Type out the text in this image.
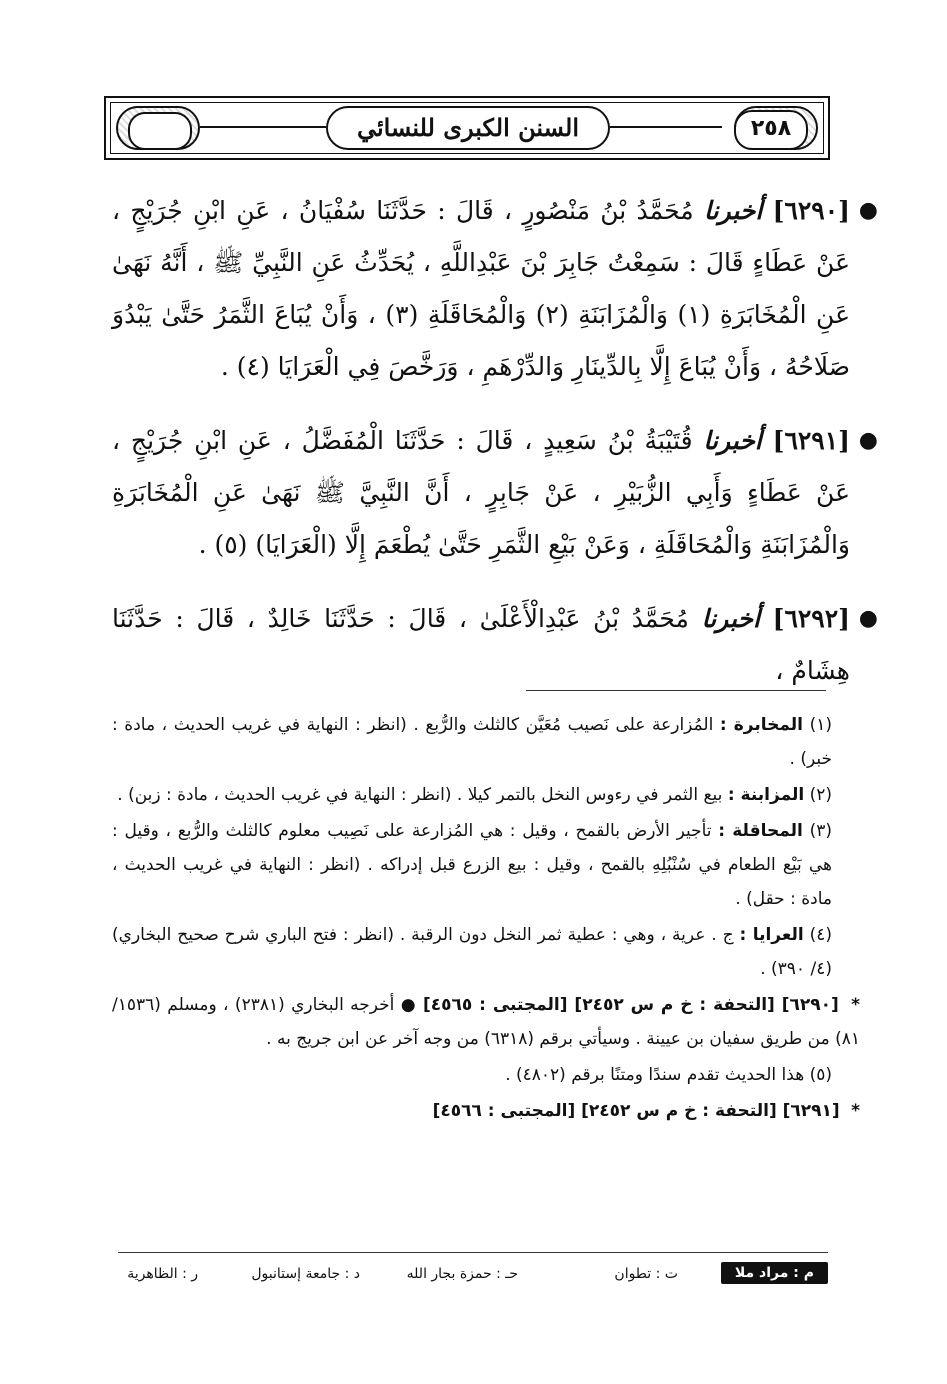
السنن الكبرى للنسائي	٢٥٨
●
[٦٢٩٠] أخبرنا مُحَمَّدُ بْنُ مَنْصُورٍ ، قَالَ : حَدَّثَنَا سُفْيَانُ ، عَنِ ابْنِ جُرَيْجٍ ، عَنْ عَطَاءٍ قَالَ : سَمِعْتُ جَابِرَ بْنَ عَبْدِاللَّهِ ، يُحَدِّثُ عَنِ النَّبِيِّ ﷺ ، أَنَّهُ نَهَىٰ عَنِ الْمُخَابَرَةِ (١) وَالْمُزَابَنَةِ (٢) وَالْمُحَاقَلَةِ (٣) ، وَأَنْ يُبَاعَ الثَّمَرُ حَتَّىٰ يَبْدُوَ صَلَاحُهُ ، وَأَنْ يُبَاعَ إِلَّا بِالدِّينَارِ وَالدِّرْهَمِ ، وَرَخَّصَ فِي الْعَرَايَا (٤) .
●
[٦٢٩١] أخبرنا قُتَيْبَةُ بْنُ سَعِيدٍ ، قَالَ : حَدَّثَنَا الْمُفَضَّلُ ، عَنِ ابْنِ جُرَيْجٍ ، عَنْ عَطَاءٍ وَأَبِي الزُّبَيْرِ ، عَنْ جَابِرٍ ، أَنَّ النَّبِيَّ ﷺ نَهَىٰ عَنِ الْمُخَابَرَةِ وَالْمُزَابَنَةِ وَالْمُحَاقَلَةِ ، وَعَنْ بَيْعِ الثَّمَرِ حَتَّىٰ يُطْعَمَ إِلَّا (الْعَرَايَا) (٥) .
●
[٦٢٩٢] أخبرنا مُحَمَّدُ بْنُ عَبْدِالْأَعْلَىٰ ، قَالَ : حَدَّثَنَا خَالِدٌ ، قَالَ : حَدَّثَنَا هِشَامٌ ،
(١) المخابرة : المُزارعة على نَصيب مُعَيَّن كالثلث والرُّبع . (انظر : النهاية في غريب الحديث ، مادة : خبر) .
(٢) المزابنة : بيع الثمر في رءوس النخل بالتمر كيلا . (انظر : النهاية في غريب الحديث ، مادة : زبن) .
(٣) المحاقلة : تأجير الأرض بالقمح ، وقيل : هي المُزارعة على نَصِيب معلوم كالثلث والرُّبع ، وقيل : هي بَيْع الطعام في سُنْبُلِهِ بالقمح ، وقيل : بيع الزرع قبل إدراكه . (انظر : النهاية في غريب الحديث ، مادة : حقل) .
(٤) العرايا : ج . عرية ، وهي : عطية ثمر النخل دون الرقبة . (انظر : فتح الباري شرح صحيح البخاري) (٤/ ٣٩٠) .
* [٦٢٩٠] [التحفة : خ م س ٢٤٥٢] [المجتبى : ٤٥٦٥] ● أخرجه البخاري (٢٣٨١) ، ومسلم (١٥٣٦/ ٨١) من طريق سفيان بن عيينة . وسيأتي برقم (٦٣١٨) من وجه آخر عن ابن جريج به .
(٥) هذا الحديث تقدم سندًا ومتنًا برقم (٤٨٠٢) .
* [٦٢٩١] [التحفة : خ م س ٢٤٥٢] [المجتبى : ٤٥٦٦]
م : مراد ملا
ت : تطوان
حـ : حمزة بجار الله
د : جامعة إستانبول
ر : الظاهرية
